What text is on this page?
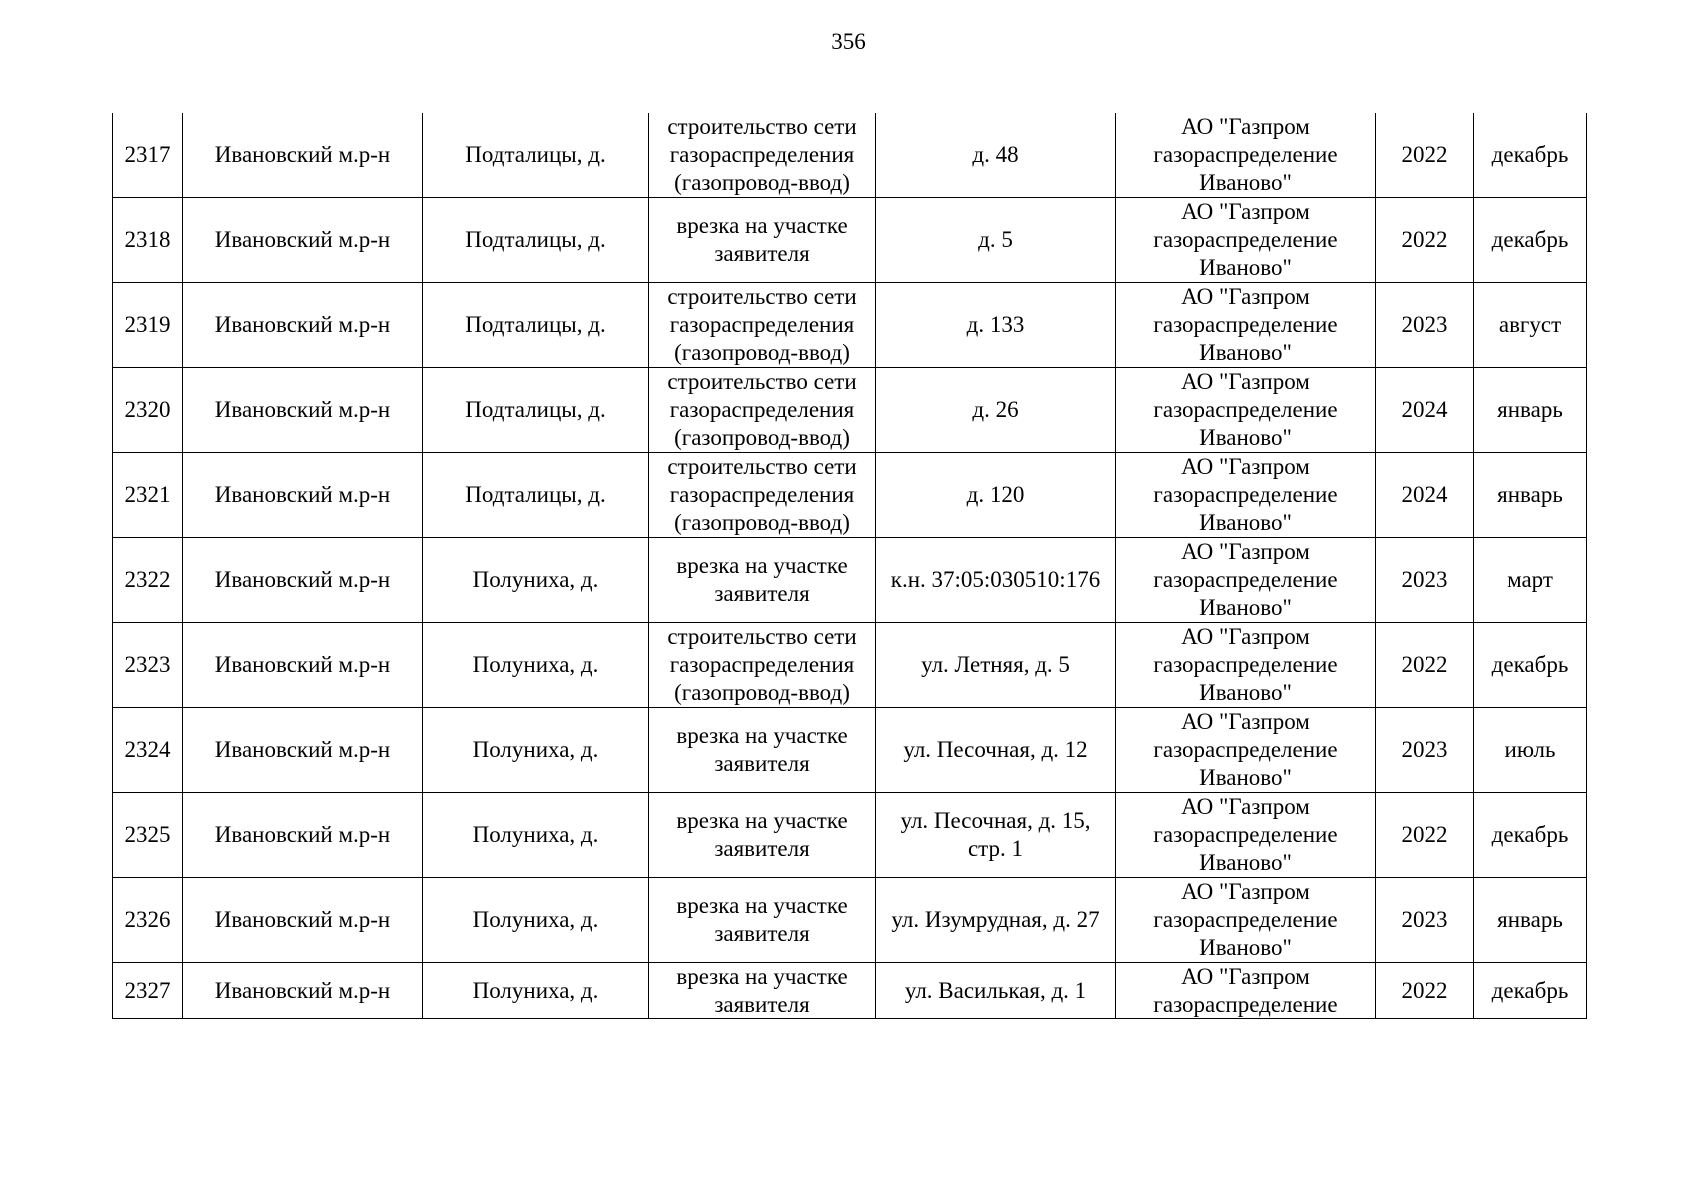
356
2317	Ивановский м.р-н	Подталицы, д.	строительство сети газораспределения (газопровод-ввод)	д. 48	АО "Газпром газораспределение Иваново"	2022	декабрь
2318	Ивановский м.р-н	Подталицы, д.	врезка на участке заявителя	д. 5	АО "Газпром газораспределение Иваново"	2022	декабрь
2319	Ивановский м.р-н	Подталицы, д.	строительство сети газораспределения (газопровод-ввод)	д. 133	АО "Газпром газораспределение Иваново"	2023	август
2320	Ивановский м.р-н	Подталицы, д.	строительство сети газораспределения (газопровод-ввод)	д. 26	АО "Газпром газораспределение Иваново"	2024	январь
2321	Ивановский м.р-н	Подталицы, д.	строительство сети газораспределения (газопровод-ввод)	д. 120	АО "Газпром газораспределение Иваново"	2024	январь
2322	Ивановский м.р-н	Полуниха, д.	врезка на участке заявителя	к.н. 37:05:030510:176	АО "Газпром газораспределение Иваново"	2023	март
2323	Ивановский м.р-н	Полуниха, д.	строительство сети газораспределения (газопровод-ввод)	ул. Летняя, д. 5	АО "Газпром газораспределение Иваново"	2022	декабрь
2324	Ивановский м.р-н	Полуниха, д.	врезка на участке заявителя	ул. Песочная, д. 12	АО "Газпром газораспределение Иваново"	2023	июль
2325	Ивановский м.р-н	Полуниха, д.	врезка на участке заявителя	ул. Песочная, д. 15, стр. 1	АО "Газпром газораспределение Иваново"	2022	декабрь
2326	Ивановский м.р-н	Полуниха, д.	врезка на участке заявителя	ул. Изумрудная, д. 27	АО "Газпром газораспределение Иваново"	2023	январь

2327	Ивановский м.р-н	Полуниха, д.	врезка на участке заявителя	ул. Василькая, д. 1	АО "Газпром газораспределение	2022	декабрь
